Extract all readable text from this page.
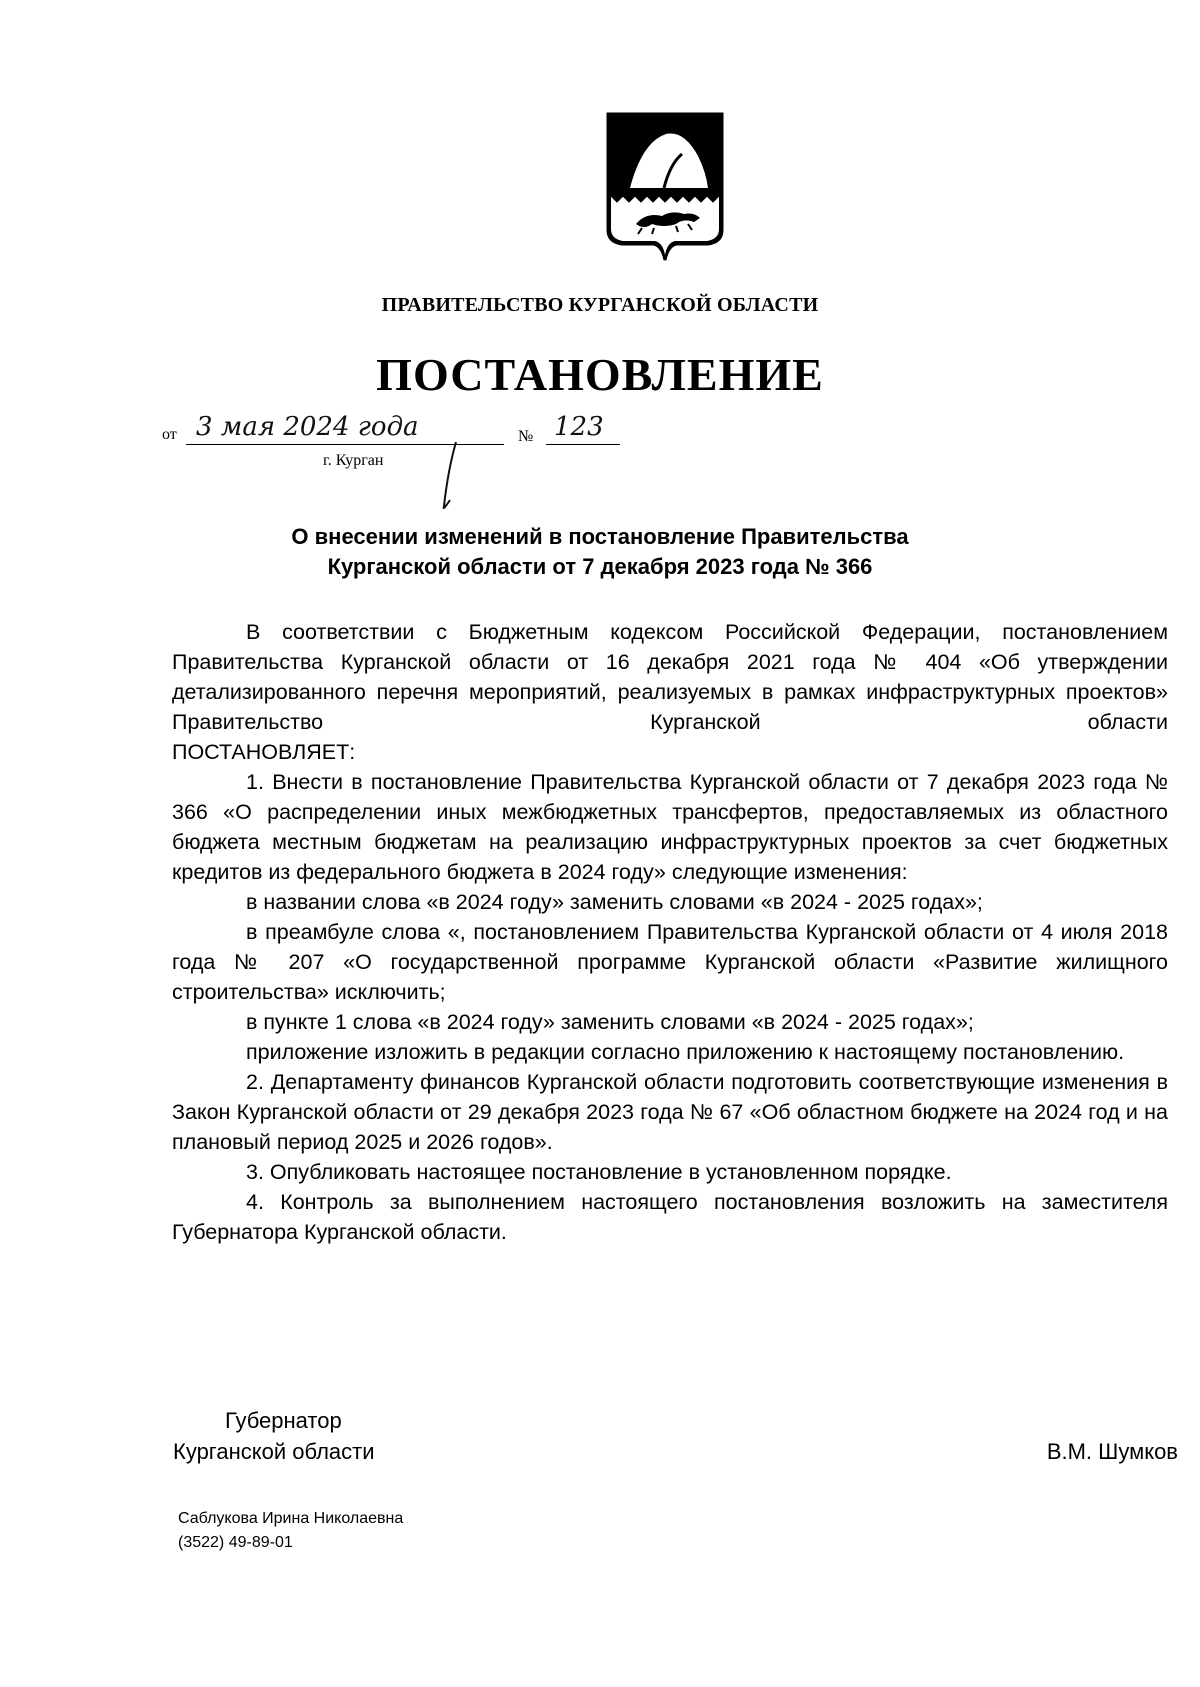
ПРАВИТЕЛЬСТВО КУРГАНСКОЙ ОБЛАСТИ
ПОСТАНОВЛЕНИЕ
от 3 мая 2024 года	№ 123
г. Курган
О внесении изменений в постановление Правительства
Курганской области от 7 декабря 2023 года № 366

В соответствии с Бюджетным кодексом Российской Федерации, постановлением Правительства Курганской области от 16 декабря 2021 года № 404 «Об утверждении детализированного перечня мероприятий, реализуемых в рамках инфраструктурных проектов» Правительство Курганской области

ПОСТАНОВЛЯЕТ:

1. Внести в постановление Правительства Курганской области от 7 декабря 2023 года № 366 «О распределении иных межбюджетных трансфертов, предоставляемых из областного бюджета местным бюджетам на реализацию инфраструктурных проектов за счет бюджетных кредитов из федерального бюджета в 2024 году» следующие изменения:

в названии слова «в 2024 году» заменить словами «в 2024 - 2025 годах»;

в преамбуле слова «, постановлением Правительства Курганской области от 4 июля 2018 года № 207 «О государственной программе Курганской области «Развитие жилищного строительства» исключить;

в пункте 1 слова «в 2024 году» заменить словами «в 2024 - 2025 годах»;

приложение изложить в редакции согласно приложению к настоящему постановлению.

2. Департаменту финансов Курганской области подготовить соответствующие изменения в Закон Курганской области от 29 декабря 2023 года № 67 «Об областном бюджете на 2024 год и на плановый период 2025 и 2026 годов».

3. Опубликовать настоящее постановление в установленном порядке.

4. Контроль за выполнением настоящего постановления возложить на заместителя Губернатора Курганской области.

Губернатор
Курганской области	В.М. Шумков
Саблукова Ирина Николаевна
(3522) 49-89-01
